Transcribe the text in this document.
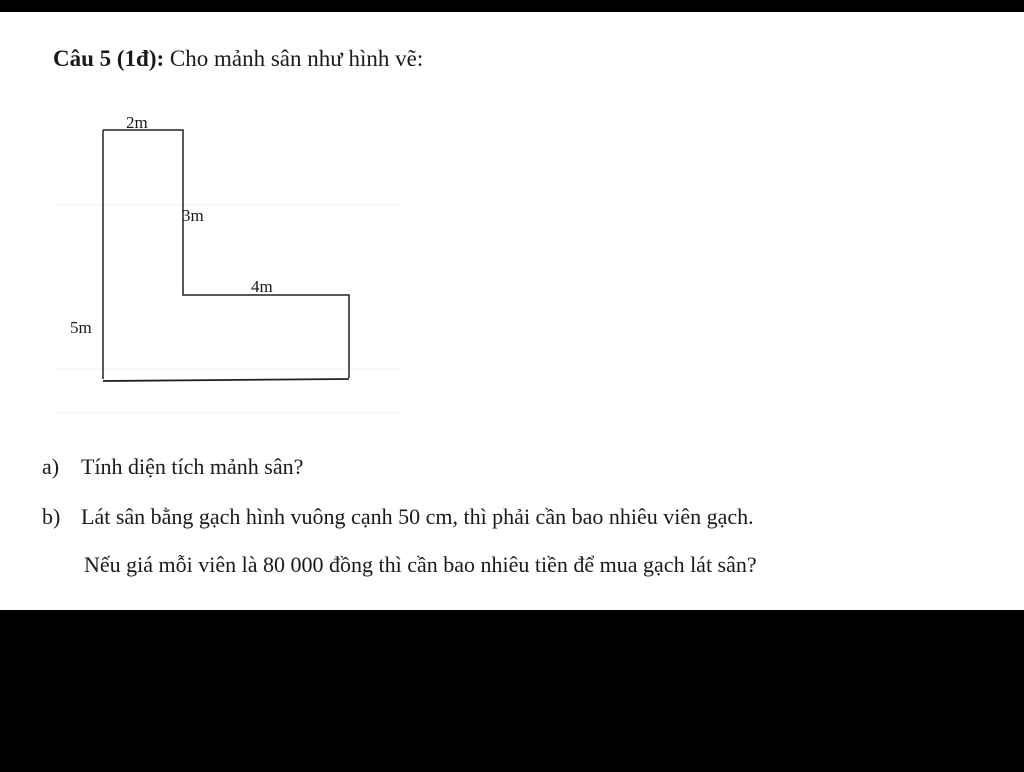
Câu 5 (1đ): Cho mảnh sân như hình vẽ:
2m
3m
4m
5m
a) Tính diện tích mảnh sân?
b) Lát sân bằng gạch hình vuông cạnh 50 cm, thì phải cần bao nhiêu viên gạch.
Nếu giá mỗi viên là 80 000 đồng thì cần bao nhiêu tiền để mua gạch lát sân?
